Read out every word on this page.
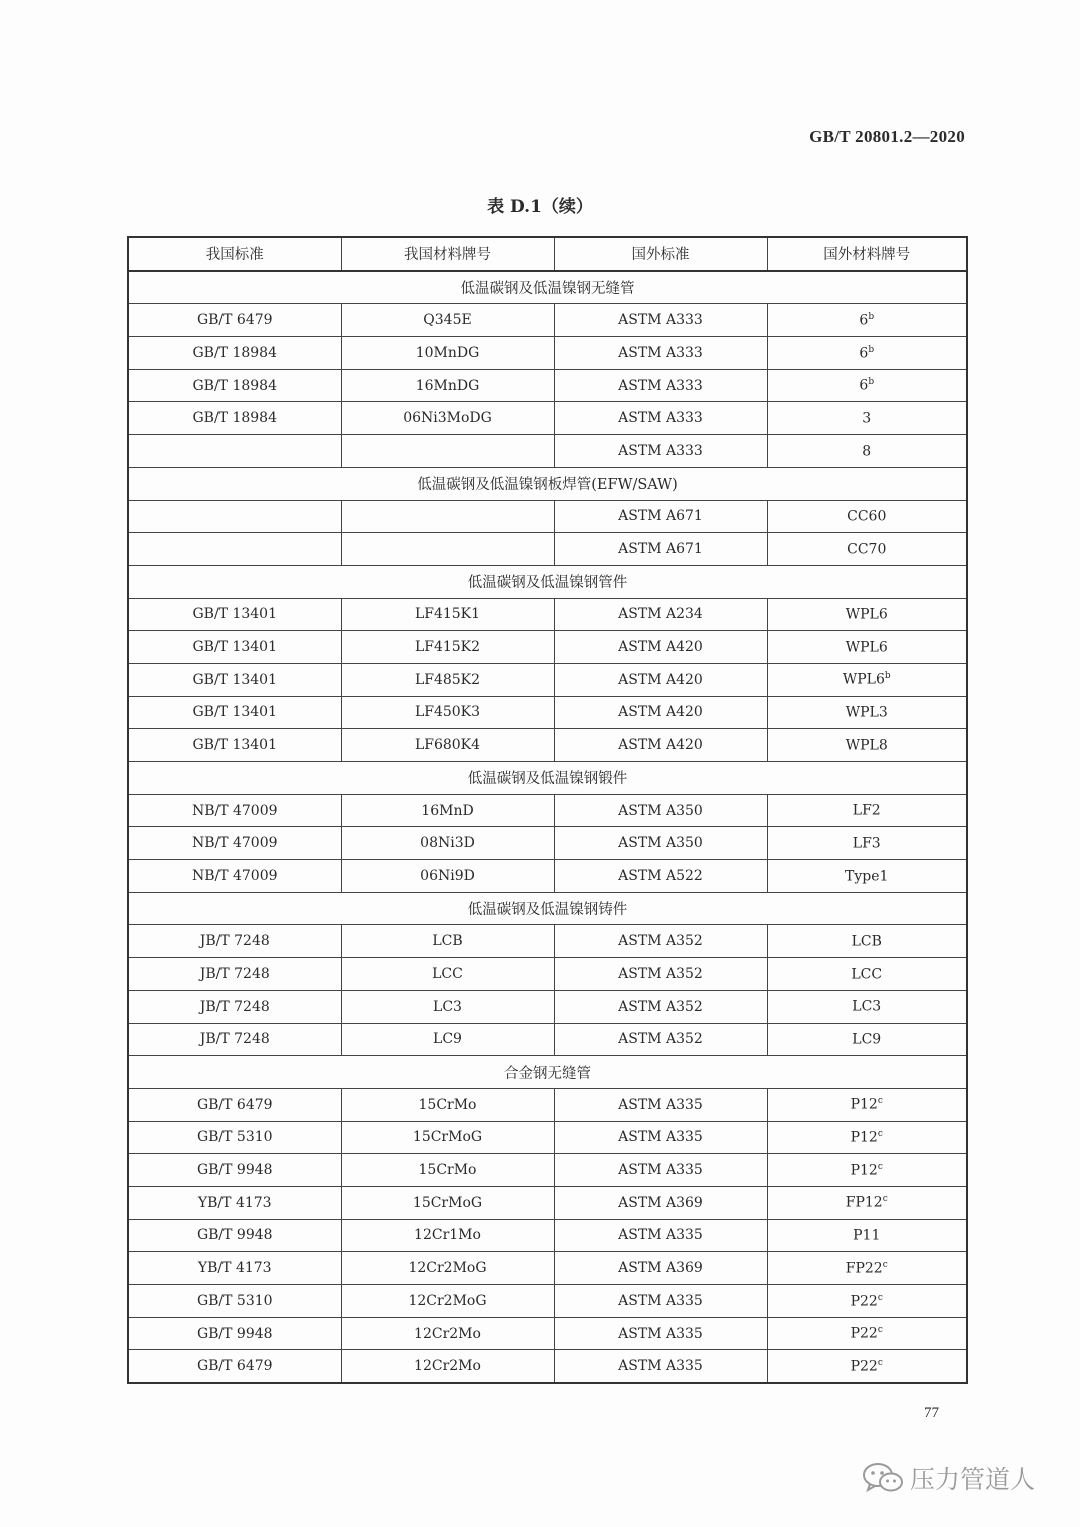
GB/T 20801.2—2020
表 D.1（续）
我国标准	我国材料牌号	国外标准	国外材料牌号
低温碳钢及低温镍钢无缝管			
GB/T 6479	Q345E	ASTM A333	6$^b$
GB/T 18984	10MnDG	ASTM A333	6$^b$
GB/T 18984	16MnDG	ASTM A333	6$^b$
GB/T 18984	06Ni3MoDG	ASTM A333	3
		ASTM A333	8
低温碳钢及低温镍钢板焊管(EFW/SAW)			
		ASTM A671	CC60
		ASTM A671	CC70
低温碳钢及低温镍钢管件			
GB/T 13401	LF415K1	ASTM A234	WPL6
GB/T 13401	LF415K2	ASTM A420	WPL6
GB/T 13401	LF485K2	ASTM A420	WPL6$^b$
GB/T 13401	LF450K3	ASTM A420	WPL3
GB/T 13401	LF680K4	ASTM A420	WPL8
低温碳钢及低温镍钢锻件			
NB/T 47009	16MnD	ASTM A350	LF2
NB/T 47009	08Ni3D	ASTM A350	LF3
NB/T 47009	06Ni9D	ASTM A522	Type1
低温碳钢及低温镍钢铸件			
JB/T 7248	LCB	ASTM A352	LCB
JB/T 7248	LCC	ASTM A352	LCC
JB/T 7248	LC3	ASTM A352	LC3
JB/T 7248	LC9	ASTM A352	LC9
合金钢无缝管			
GB/T 6479	15CrMo	ASTM A335	P12$^c$
GB/T 5310	15CrMoG	ASTM A335	P12$^c$
GB/T 9948	15CrMo	ASTM A335	P12$^c$
YB/T 4173	15CrMoG	ASTM A369	FP12$^c$
GB/T 9948	12Cr1Mo	ASTM A335	P11
YB/T 4173	12Cr2MoG	ASTM A369	FP22$^c$
GB/T 5310	12Cr2MoG	ASTM A335	P22$^c$
GB/T 9948	12Cr2Mo	ASTM A335	P22$^c$
GB/T 6479	12Cr2Mo	ASTM A335	P22$^c$
77
压力管道人
